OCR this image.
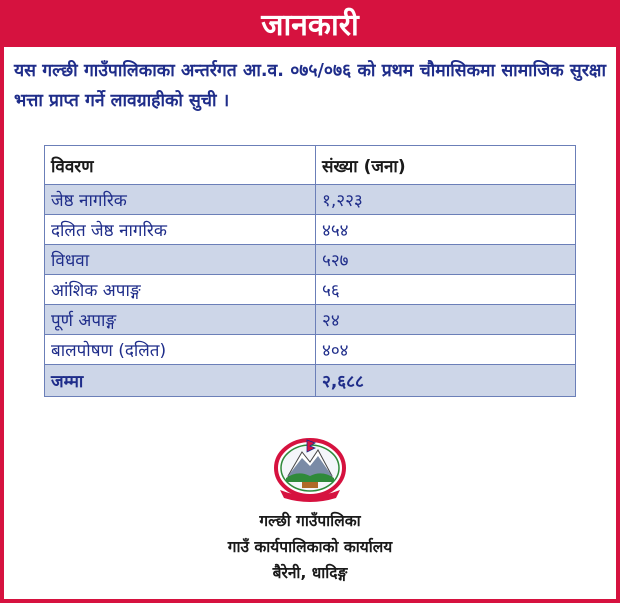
जानकारी
यस गल्छी गाउँपालिकाका अन्तर्रगत आ.व. ०७५/०७६ को प्रथम चौमासिकमा सामाजिक सुरक्षा भत्ता प्राप्त गर्ने लावग्राहीको सुची ।
विवरण	संख्या (जना)
जेष्ठ नागरिक	१,२२३
दलित जेष्ठ नागरिक	४५४
विधवा	५२७
आंशिक अपाङ्ग	५६
पूर्ण अपाङ्ग	२४
बालपोषण (दलित)	४०४
जम्मा	२,६८८
गल्छी गाउँपालिका
गाउँ कार्यपालिकाको कार्यालय
बैरेनी, धादिङ्ग
